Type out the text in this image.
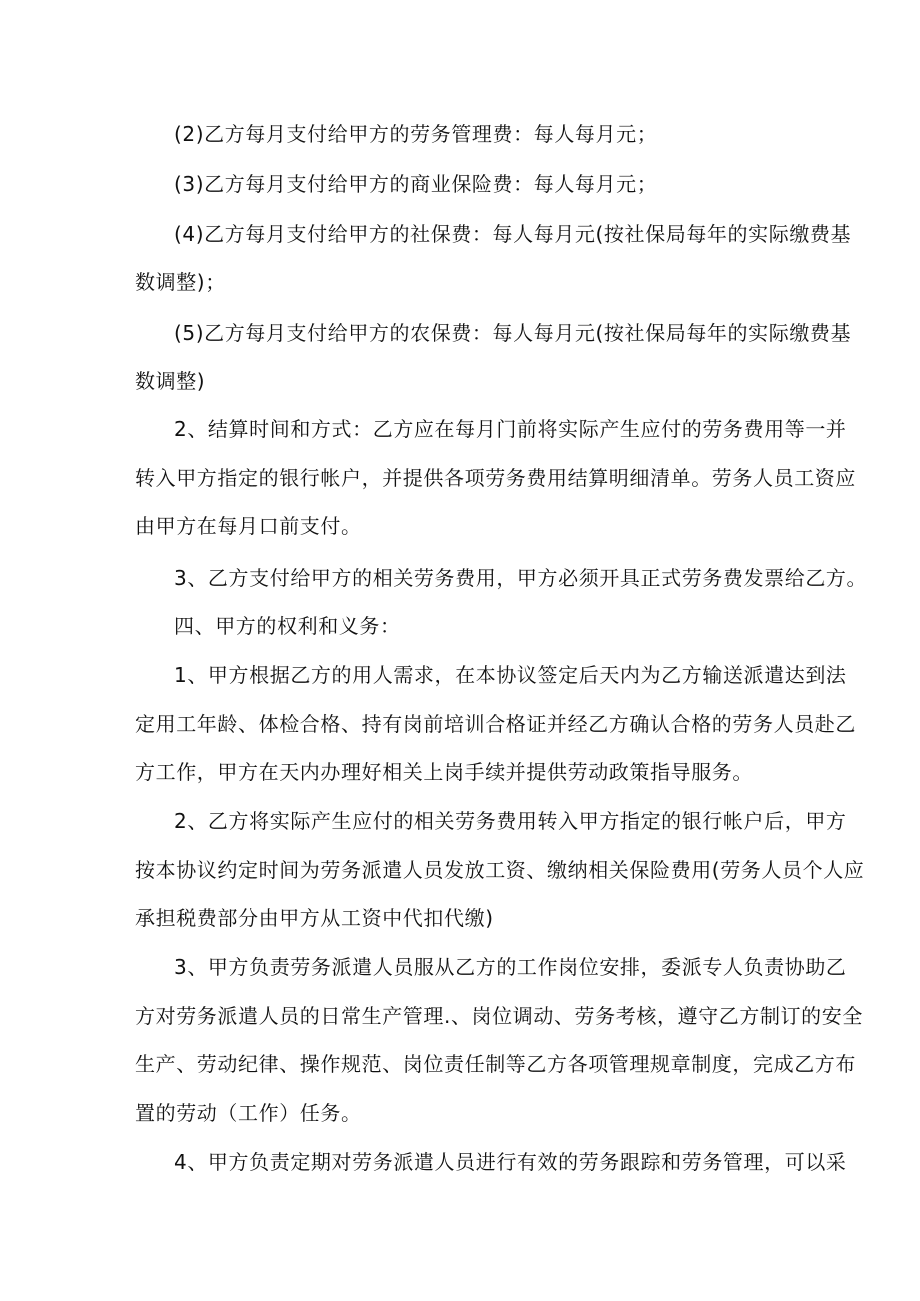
(2)乙方每月支付给甲方的劳务管理费：每人每月元；
(3)乙方每月支付给甲方的商业保险费：每人每月元；
(4)乙方每月支付给甲方的社保费：每人每月元(按社保局每年的实际缴费基
数调整)；
(5)乙方每月支付给甲方的农保费：每人每月元(按社保局每年的实际缴费基
数调整)
2、结算时间和方式：乙方应在每月门前将实际产生应付的劳务费用等一并
转入甲方指定的银行帐户，并提供各项劳务费用结算明细清单。劳务人员工资应
由甲方在每月口前支付。
3、乙方支付给甲方的相关劳务费用，甲方必须开具正式劳务费发票给乙方。
四、甲方的权利和义务：
1、甲方根据乙方的用人需求，在本协议签定后天内为乙方输送派遣达到法
定用工年龄、体检合格、持有岗前培训合格证并经乙方确认合格的劳务人员赴乙
方工作，甲方在天内办理好相关上岗手续并提供劳动政策指导服务。
2、乙方将实际产生应付的相关劳务费用转入甲方指定的银行帐户后，甲方
按本协议约定时间为劳务派遣人员发放工资、缴纳相关保险费用(劳务人员个人应
承担税费部分由甲方从工资中代扣代缴)
3、甲方负责劳务派遣人员服从乙方的工作岗位安排，委派专人负责协助乙
方对劳务派遣人员的日常生产管理.、岗位调动、劳务考核，遵守乙方制订的安全
生产、劳动纪律、操作规范、岗位责任制等乙方各项管理规章制度，完成乙方布
置的劳动（工作）任务。
4、甲方负责定期对劳务派遣人员进行有效的劳务跟踪和劳务管理，可以采
